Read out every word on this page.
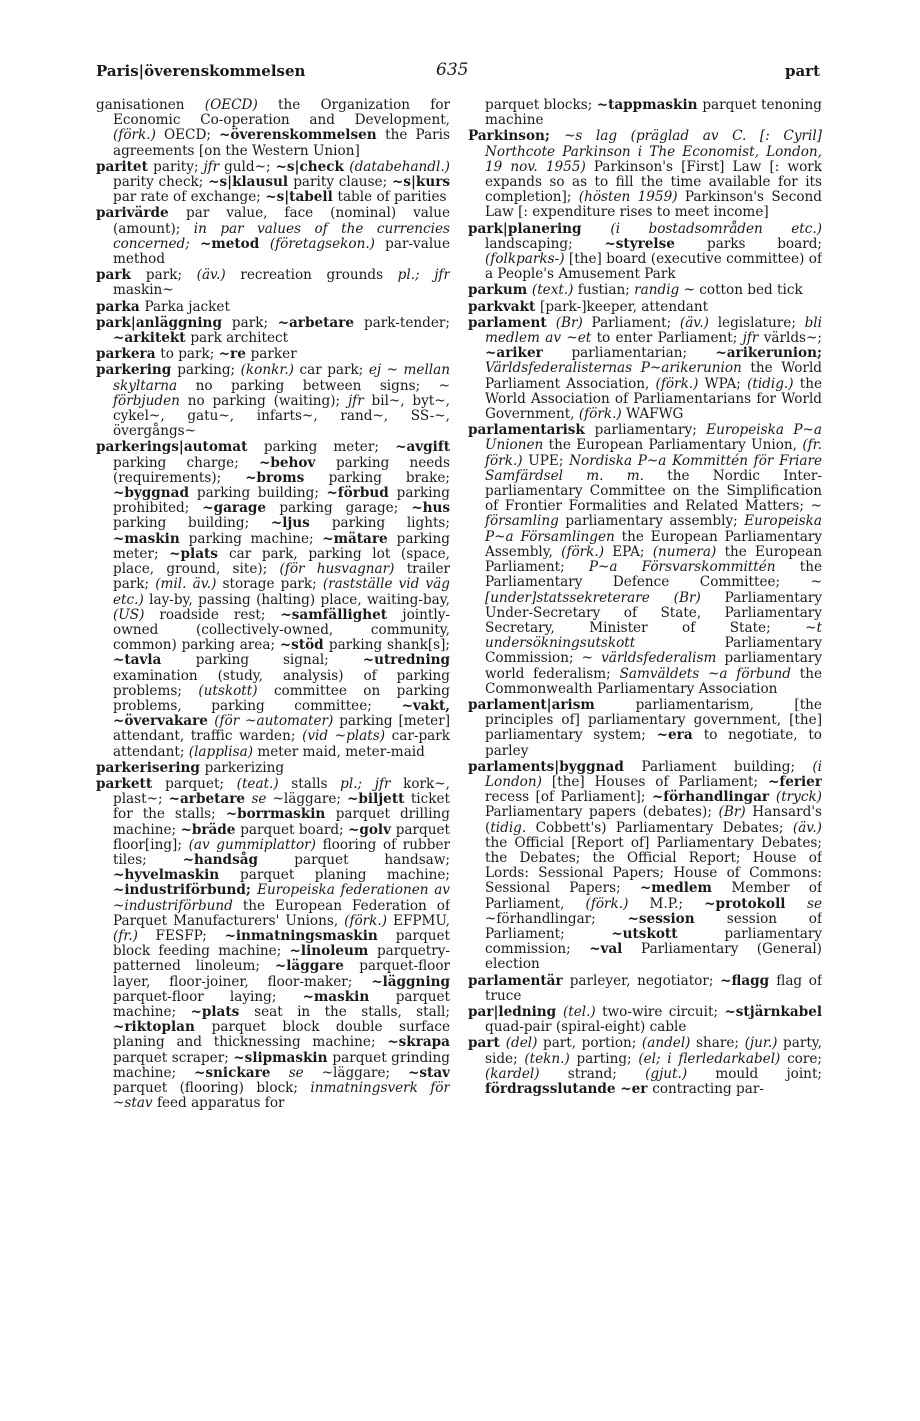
Paris|överenskommelsen	635	part

ganisationen (OECD) the Organization for Economic Co-operation and Development, (förk.) OECD; ~överenskommelsen the Paris agreements [on the Western Union]

paritet parity; jfr guld~; ~s|check (databehandl.) parity check; ~s|klausul parity clause; ~s|kurs par rate of exchange; ~s|tabell table of parities

parivärde par value, face (nominal) value (amount); in par values of the currencies concerned; ~metod (företagsekon.) par-value method

park park; (äv.) recreation grounds pl.; jfr maskin~

parka Parka jacket

park|anläggning park; ~arbetare park-tender; ~arkitekt park architect

parkera to park; ~re parker

parkering parking; (konkr.) car park; ej ~ mellan skyltarna no parking between signs; ~ förbjuden no parking (waiting); jfr bil~, byt~, cykel~, gatu~, infarts~, rand~, SS-~, övergångs~

parkerings|automat parking meter; ~avgift parking charge; ~behov parking needs (requirements); ~broms parking brake; ~byggnad parking building; ~förbud parking prohibited; ~garage parking garage; ~hus parking building; ~ljus parking lights; ~maskin parking machine; ~mätare parking meter; ~plats car park, parking lot (space, place, ground, site); (för husvagnar) trailer park; (mil. äv.) storage park; (rastställe vid väg etc.) lay-by, passing (halting) place, waiting-bay, (US) roadside rest; ~samfällighet jointly-owned (collectively-owned, community, common) parking area; ~stöd parking shank[s]; ~tavla parking signal; ~utredning examination (study, analysis) of parking problems; (utskott) committee on parking problems, parking committee; ~vakt, ~övervakare (för ~automater) parking [meter] attendant, traffic warden; (vid ~plats) car-park attendant; (lapplisa) meter maid, meter-maid

parkerisering parkerizing

parkett parquet; (teat.) stalls pl.; jfr kork~, plast~; ~arbetare se ~läggare; ~biljett ticket for the stalls; ~borrmaskin parquet drilling machine; ~bräde parquet board; ~golv parquet floor[ing]; (av gummiplattor) flooring of rubber tiles; ~handsåg parquet handsaw; ~hyvelmaskin parquet planing machine; ~industriförbund; Europeiska federationen av ~industriförbund the European Federation of Parquet Manufacturers' Unions, (förk.) EFPMU, (fr.) FESFP; ~inmatningsmaskin parquet block feeding machine; ~linoleum parquetry-patterned linoleum; ~läggare parquet-floor layer, floor-joiner, floor-maker; ~läggning parquet-floor laying; ~maskin parquet machine; ~plats seat in the stalls, stall; ~riktoplan parquet block double surface planing and thicknessing machine; ~skrapa parquet scraper; ~slipmaskin parquet grinding machine; ~snickare se ~läggare; ~stav parquet (flooring) block; inmatningsverk för ~stav feed apparatus for

parquet blocks; ~tappmaskin parquet tenoning machine

Parkinson; ~s lag (präglad av C. [: Cyril] Northcote Parkinson i The Economist, London, 19 nov. 1955) Parkinson's [First] Law [: work expands so as to fill the time available for its completion]; (hösten 1959) Parkinson's Second Law [: expenditure rises to meet income]

park|planering (i bostadsområden etc.) landscaping; ~styrelse parks board; (folkparks-) [the] board (executive committee) of a People's Amusement Park

parkum (text.) fustian; randig ~ cotton bed tick

parkvakt [park-]keeper, attendant

parlament (Br) Parliament; (äv.) legislature; bli medlem av ~et to enter Parliament; jfr världs~; ~ariker parliamentarian; ~arikerunion; Världsfederalisternas P~arikerunion the World Parliament Association, (förk.) WPA; (tidig.) the World Association of Parliamentarians for World Government, (förk.) WAFWG

parlamentarisk parliamentary; Europeiska P~a Unionen the European Parliamentary Union, (fr. förk.) UPE; Nordiska P~a Kommittén för Friare Samfärdsel m. m. the Nordic Inter-parliamentary Committee on the Simplification of Frontier Formalities and Related Matters; ~ församling parliamentary assembly; Europeiska P~a Församlingen the European Parliamentary Assembly, (förk.) EPA; (numera) the European Parliament; P~a Försvarskommittén the Parliamentary Defence Committee; ~ [under]statssekreterare (Br) Parliamentary Under-Secretary of State, Parliamentary Secretary, Minister of State; ~t undersökningsutskott Parliamentary Commission; ~ världsfederalism parliamentary world federalism; Samväldets ~a förbund the Commonwealth Parliamentary Association

parlament|arism parliamentarism, [the principles of] parliamentary government, [the] parliamentary system; ~era to negotiate, to parley

parlaments|byggnad Parliament building; (i London) [the] Houses of Parliament; ~ferier recess [of Parliament]; ~förhandlingar (tryck) Parliamentary papers (debates); (Br) Hansard's (tidig. Cobbett's) Parliamentary Debates; (äv.) the Official [Report of] Parliamentary Debates; the Debates; the Official Report; House of Lords: Sessional Papers; House of Commons: Sessional Papers; ~medlem Member of Parliament, (förk.) M.P.; ~protokoll se ~förhandlingar; ~session session of Parliament; ~utskott parliamentary commission; ~val Parliamentary (General) election

parlamentär parleyer, negotiator; ~flagg flag of truce

par|ledning (tel.) two-wire circuit; ~stjärnkabel quad-pair (spiral-eight) cable

part (del) part, portion; (andel) share; (jur.) party, side; (tekn.) parting; (el; i flerledarkabel) core; (kardel) strand; (gjut.) mould joint; fördragsslutande ~er contracting par-
